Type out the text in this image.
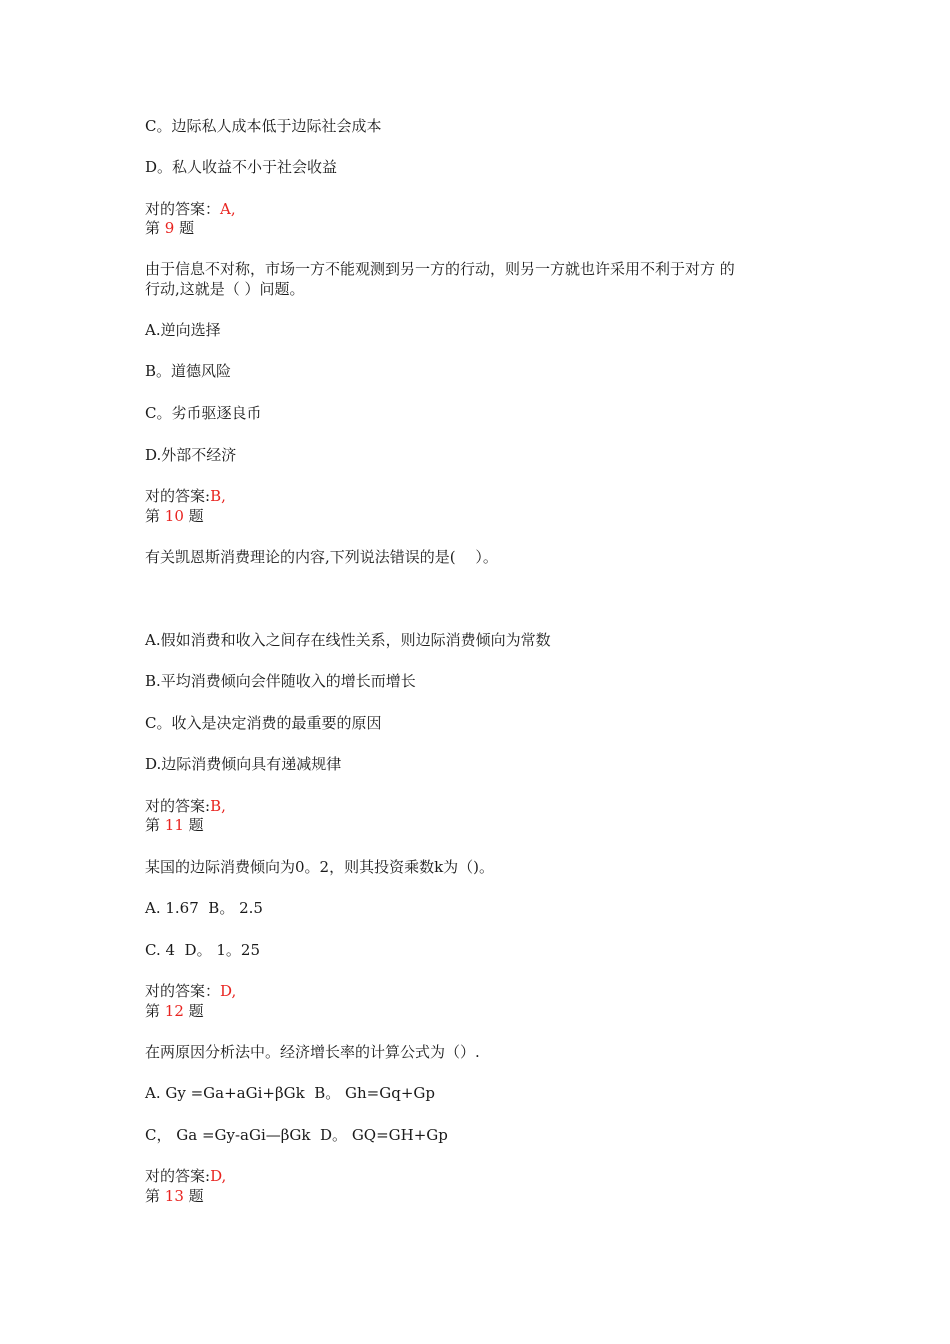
C。边际私人成本低于边际社会成本
D。私人收益不小于社会收益
对的答案：A,
第 9 题
由于信息不对称，市场一方不能观测到另一方的行动，则另一方就也许采用不利于对方 的
行动,这就是（ ）问题。
A.逆向选择
B。道德风险
C。劣币驱逐良币
D.外部不经济
对的答案:B,
第 10 题
有关凯恩斯消费理论的内容,下列说法错误的是(　 ）。
A.假如消费和收入之间存在线性关系，则边际消费倾向为常数
B.平均消费倾向会伴随收入的增长而增长
C。收入是决定消费的最重要的原因
D.边际消费倾向具有递减规律
对的答案:B,
第 11 题
某国的边际消费倾向为0。2，则其投资乘数k为（)。
A. 1.67  B。 2.5
C. 4  D。 1。25
对的答案：D,
第 12 题
在两原因分析法中。经济增长率的计算公式为（）.
A. Gy =Ga+aGi+βGk  B。 Gh=Gq+Gp
C， Ga =Gy-aGi—βGk  D。 GQ=GH+Gp
对的答案:D,
第 13 题
